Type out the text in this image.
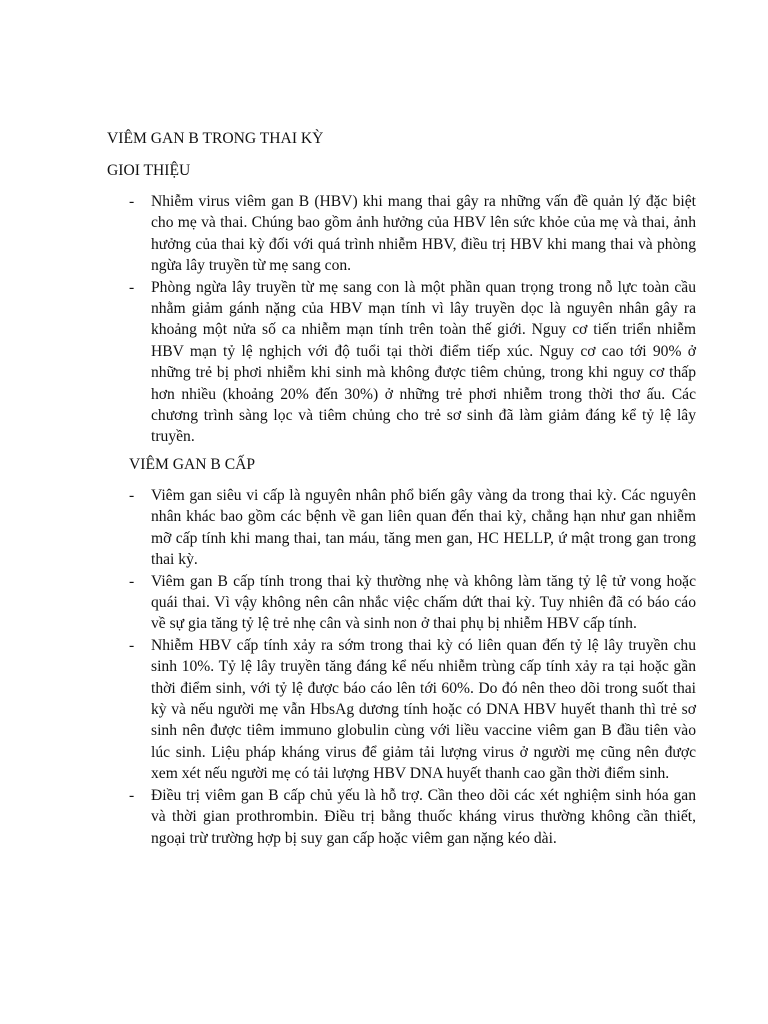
VIÊM GAN B TRONG THAI KỲ
GIOI THIỆU
- Nhiễm virus viêm gan B (HBV) khi mang thai gây ra những vấn đề quản lý đặc biệt cho mẹ và thai. Chúng bao gồm ảnh hưởng của HBV lên sức khỏe của mẹ và thai, ảnh hưởng của thai kỳ đối với quá trình nhiễm HBV, điều trị HBV khi mang thai và phòng ngừa lây truyền từ mẹ sang con.
- Phòng ngừa lây truyền từ mẹ sang con là một phần quan trọng trong nỗ lực toàn cầu nhằm giảm gánh nặng của HBV mạn tính vì lây truyền dọc là nguyên nhân gây ra khoảng một nửa số ca nhiễm mạn tính trên toàn thế giới. Nguy cơ tiến triển nhiễm HBV mạn tỷ lệ nghịch với độ tuổi tại thời điểm tiếp xúc. Nguy cơ cao tới 90% ở những trẻ bị phơi nhiễm khi sinh mà không được tiêm chủng, trong khi nguy cơ thấp hơn nhiều (khoảng 20% đến 30%) ở những trẻ phơi nhiễm trong thời thơ ấu. Các chương trình sàng lọc và tiêm chủng cho trẻ sơ sinh đã làm giảm đáng kể tỷ lệ lây truyền.
VIÊM GAN B CẤP
- Viêm gan siêu vi cấp là nguyên nhân phổ biến gây vàng da trong thai kỳ. Các nguyên nhân khác bao gồm các bệnh về gan liên quan đến thai kỳ, chẳng hạn như gan nhiễm mỡ cấp tính khi mang thai, tan máu, tăng men gan, HC HELLP, ứ mật trong gan trong thai kỳ.
- Viêm gan B cấp tính trong thai kỳ thường nhẹ và không làm tăng tỷ lệ tử vong hoặc quái thai. Vì vậy không nên cân nhắc việc chấm dứt thai kỳ. Tuy nhiên đã có báo cáo về sự gia tăng tỷ lệ trẻ nhẹ cân và sinh non ở thai phụ bị nhiễm HBV cấp tính.
- Nhiễm HBV cấp tính xảy ra sớm trong thai kỳ có liên quan đến tỷ lệ lây truyền chu sinh 10%. Tỷ lệ lây truyền tăng đáng kể nếu nhiễm trùng cấp tính xảy ra tại hoặc gần thời điểm sinh, với tỷ lệ được báo cáo lên tới 60%. Do đó nên theo dõi trong suốt thai kỳ và nếu người mẹ vẫn HbsAg dương tính hoặc có DNA HBV huyết thanh thì trẻ sơ sinh nên được tiêm immuno globulin cùng với liều vaccine viêm gan B đầu tiên vào lúc sinh. Liệu pháp kháng virus để giảm tải lượng virus ở người mẹ cũng nên được xem xét nếu người mẹ có tải lượng HBV DNA huyết thanh cao gần thời điểm sinh.
- Điều trị viêm gan B cấp chủ yếu là hỗ trợ. Cần theo dõi các xét nghiệm sinh hóa gan và thời gian prothrombin. Điều trị bằng thuốc kháng virus thường không cần thiết, ngoại trừ trường hợp bị suy gan cấp hoặc viêm gan nặng kéo dài.
